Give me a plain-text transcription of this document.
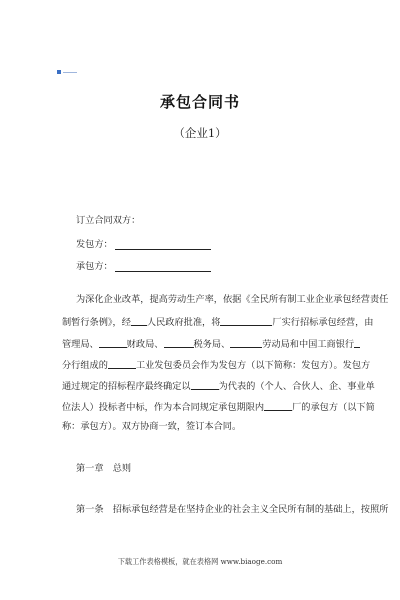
承包合同书
（企业1）
订立合同双方：
发包方：
承包方：
为深化企业改革，提高劳动生产率，依据《全民所有制工业企业承包经营责任
制暂行条例》，经 人民政府批准，将	厂实行招标承包经营，由
管理局、	财政局、	税务局、	劳动局和中国工商银行
分行组成的	工业发包委员会作为发包方（以下简称：发包方）。发包方
通过规定的招标程序最终确定以	为代表的（个人、合伙人、企、事业单
位法人）投标者中标，作为本合同规定承包期限内	厂的承包方（以下简
称：承包方）。双方协商一致，签订本合同。
第一章　总则
第一条　招标承包经营是在坚持企业的社会主义全民所有制的基础上，按照所
下载工作表格模板，就在表格网 www.biaoge.com
